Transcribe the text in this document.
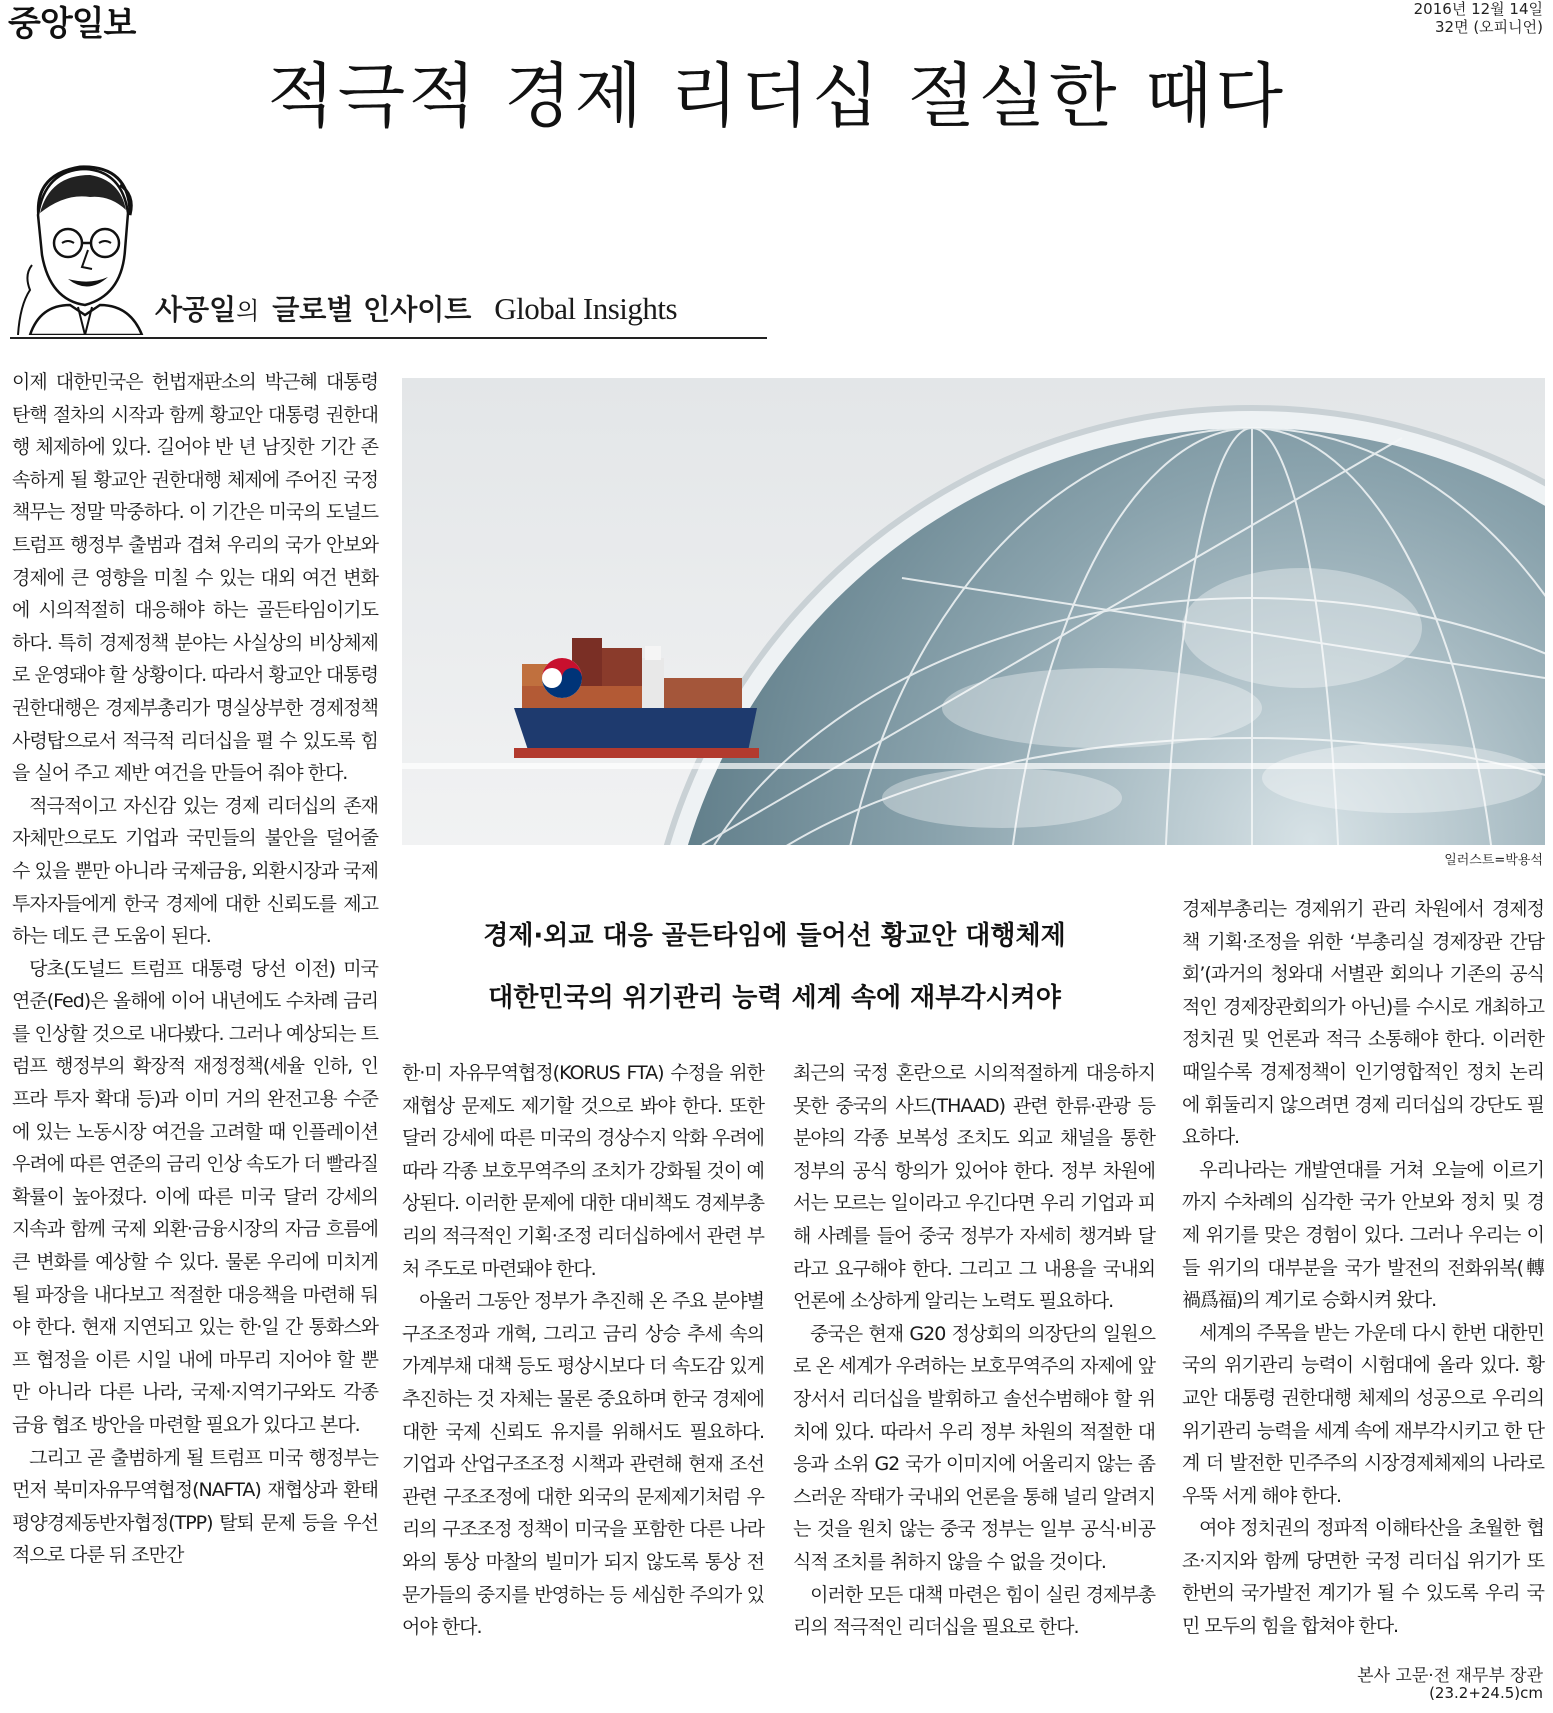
중앙일보	2016년 12월 14일
32면 (오피니언)
적극적 경제 리더십 절실한 때다
사공일의 글로벌 인사이트 Global Insights
일러스트=박용석
경제·외교 대응 골든타임에 들어선 황교안 대행체제
대한민국의 위기관리 능력 세계 속에 재부각시켜야

이제 대한민국은 헌법재판소의 박근혜 대통령 탄핵 절차의 시작과 함께 황교안 대통령 권한대행 체제하에 있다. 길어야 반 년 남짓한 기간 존속하게 될 황교안 권한대행 체제에 주어진 국정 책무는 정말 막중하다. 이 기간은 미국의 도널드 트럼프 행정부 출범과 겹쳐 우리의 국가 안보와 경제에 큰 영향을 미칠 수 있는 대외 여건 변화에 시의적절히 대응해야 하는 골든타임이기도 하다. 특히 경제정책 분야는 사실상의 비상체제로 운영돼야 할 상황이다. 따라서 황교안 대통령 권한대행은 경제부총리가 명실상부한 경제정책 사령탑으로서 적극적 리더십을 펼 수 있도록 힘을 실어 주고 제반 여건을 만들어 줘야 한다.

적극적이고 자신감 있는 경제 리더십의 존재 자체만으로도 기업과 국민들의 불안을 덜어줄 수 있을 뿐만 아니라 국제금융, 외환시장과 국제투자자들에게 한국 경제에 대한 신뢰도를 제고하는 데도 큰 도움이 된다.

당초(도널드 트럼프 대통령 당선 이전) 미국 연준(Fed)은 올해에 이어 내년에도 수차례 금리를 인상할 것으로 내다봤다. 그러나 예상되는 트럼프 행정부의 확장적 재정정책(세율 인하, 인프라 투자 확대 등)과 이미 거의 완전고용 수준에 있는 노동시장 여건을 고려할 때 인플레이션 우려에 따른 연준의 금리 인상 속도가 더 빨라질 확률이 높아졌다. 이에 따른 미국 달러 강세의 지속과 함께 국제 외환·금융시장의 자금 흐름에 큰 변화를 예상할 수 있다. 물론 우리에 미치게 될 파장을 내다보고 적절한 대응책을 마련해 둬야 한다. 현재 지연되고 있는 한·일 간 통화스와프 협정을 이른 시일 내에 마무리 지어야 할 뿐만 아니라 다른 나라, 국제·지역기구와도 각종 금융 협조 방안을 마련할 필요가 있다고 본다.

그리고 곧 출범하게 될 트럼프 미국 행정부는 먼저 북미자유무역협정(NAFTA) 재협상과 환태평양경제동반자협정(TPP) 탈퇴 문제 등을 우선적으로 다룬 뒤 조만간

한·미 자유무역협정(KORUS FTA) 수정을 위한 재협상 문제도 제기할 것으로 봐야 한다. 또한 달러 강세에 따른 미국의 경상수지 악화 우려에 따라 각종 보호무역주의 조치가 강화될 것이 예상된다. 이러한 문제에 대한 대비책도 경제부총리의 적극적인 기획·조정 리더십하에서 관련 부처 주도로 마련돼야 한다.

아울러 그동안 정부가 추진해 온 주요 분야별 구조조정과 개혁, 그리고 금리 상승 추세 속의 가계부채 대책 등도 평상시보다 더 속도감 있게 추진하는 것 자체는 물론 중요하며 한국 경제에 대한 국제 신뢰도 유지를 위해서도 필요하다. 기업과 산업구조조정 시책과 관련해 현재 조선 관련 구조조정에 대한 외국의 문제제기처럼 우리의 구조조정 정책이 미국을 포함한 다른 나라와의 통상 마찰의 빌미가 되지 않도록 통상 전문가들의 중지를 반영하는 등 세심한 주의가 있어야 한다.

최근의 국정 혼란으로 시의적절하게 대응하지 못한 중국의 사드(THAAD) 관련 한류·관광 등 분야의 각종 보복성 조치도 외교 채널을 통한 정부의 공식 항의가 있어야 한다. 정부 차원에서는 모르는 일이라고 우긴다면 우리 기업과 피해 사례를 들어 중국 정부가 자세히 챙겨봐 달라고 요구해야 한다. 그리고 그 내용을 국내외 언론에 소상하게 알리는 노력도 필요하다.

중국은 현재 G20 정상회의 의장단의 일원으로 온 세계가 우려하는 보호무역주의 자제에 앞장서서 리더십을 발휘하고 솔선수범해야 할 위치에 있다. 따라서 우리 정부 차원의 적절한 대응과 소위 G2 국가 이미지에 어울리지 않는 좀스러운 작태가 국내외 언론을 통해 널리 알려지는 것을 원치 않는 중국 정부는 일부 공식·비공식적 조치를 취하지 않을 수 없을 것이다.

이러한 모든 대책 마련은 힘이 실린 경제부총리의 적극적인 리더십을 필요로 한다.

경제부총리는 경제위기 관리 차원에서 경제정책 기획·조정을 위한 ‘부총리실 경제장관 간담회’(과거의 청와대 서별관 회의나 기존의 공식적인 경제장관회의가 아닌)를 수시로 개최하고 정치권 및 언론과 적극 소통해야 한다. 이러한 때일수록 경제정책이 인기영합적인 정치 논리에 휘둘리지 않으려면 경제 리더십의 강단도 필요하다.

우리나라는 개발연대를 거쳐 오늘에 이르기까지 수차례의 심각한 국가 안보와 정치 및 경제 위기를 맞은 경험이 있다. 그러나 우리는 이들 위기의 대부분을 국가 발전의 전화위복(轉禍爲福)의 계기로 승화시켜 왔다.

세계의 주목을 받는 가운데 다시 한번 대한민국의 위기관리 능력이 시험대에 올라 있다. 황교안 대통령 권한대행 체제의 성공으로 우리의 위기관리 능력을 세계 속에 재부각시키고 한 단계 더 발전한 민주주의 시장경제체제의 나라로 우뚝 서게 해야 한다.

여야 정치권의 정파적 이해타산을 초월한 협조·지지와 함께 당면한 국정 리더십 위기가 또 한번의 국가발전 계기가 될 수 있도록 우리 국민 모두의 힘을 합쳐야 한다.

본사 고문·전 재무부 장관
(23.2+24.5)cm
